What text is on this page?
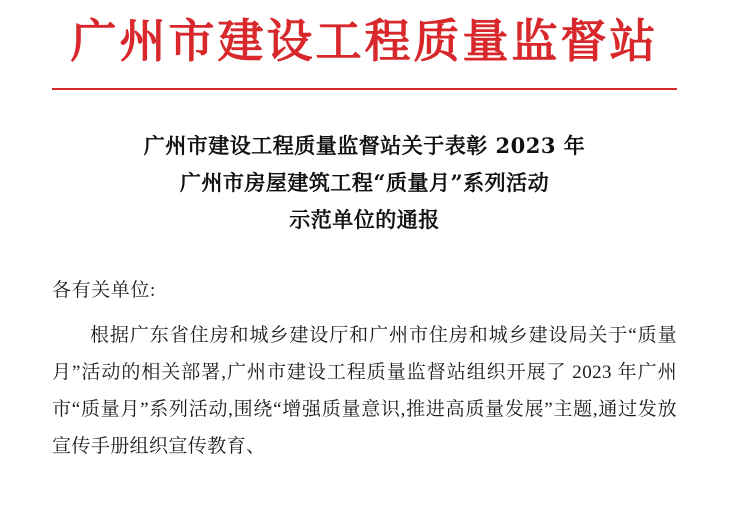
广州市建设工程质量监督站
广州市建设工程质量监督站关于表彰 2023 年
广州市房屋建筑工程“质量月”系列活动
示范单位的通报
各有关单位:
根据广东省住房和城乡建设厅和广州市住房和城乡建设局关于“质量月”活动的相关部署,广州市建设工程质量监督站组织开展了 2023 年广州市“质量月”系列活动,围绕“增强质量意识,推进高质量发展”主题,通过发放宣传手册组织宣传教育、
